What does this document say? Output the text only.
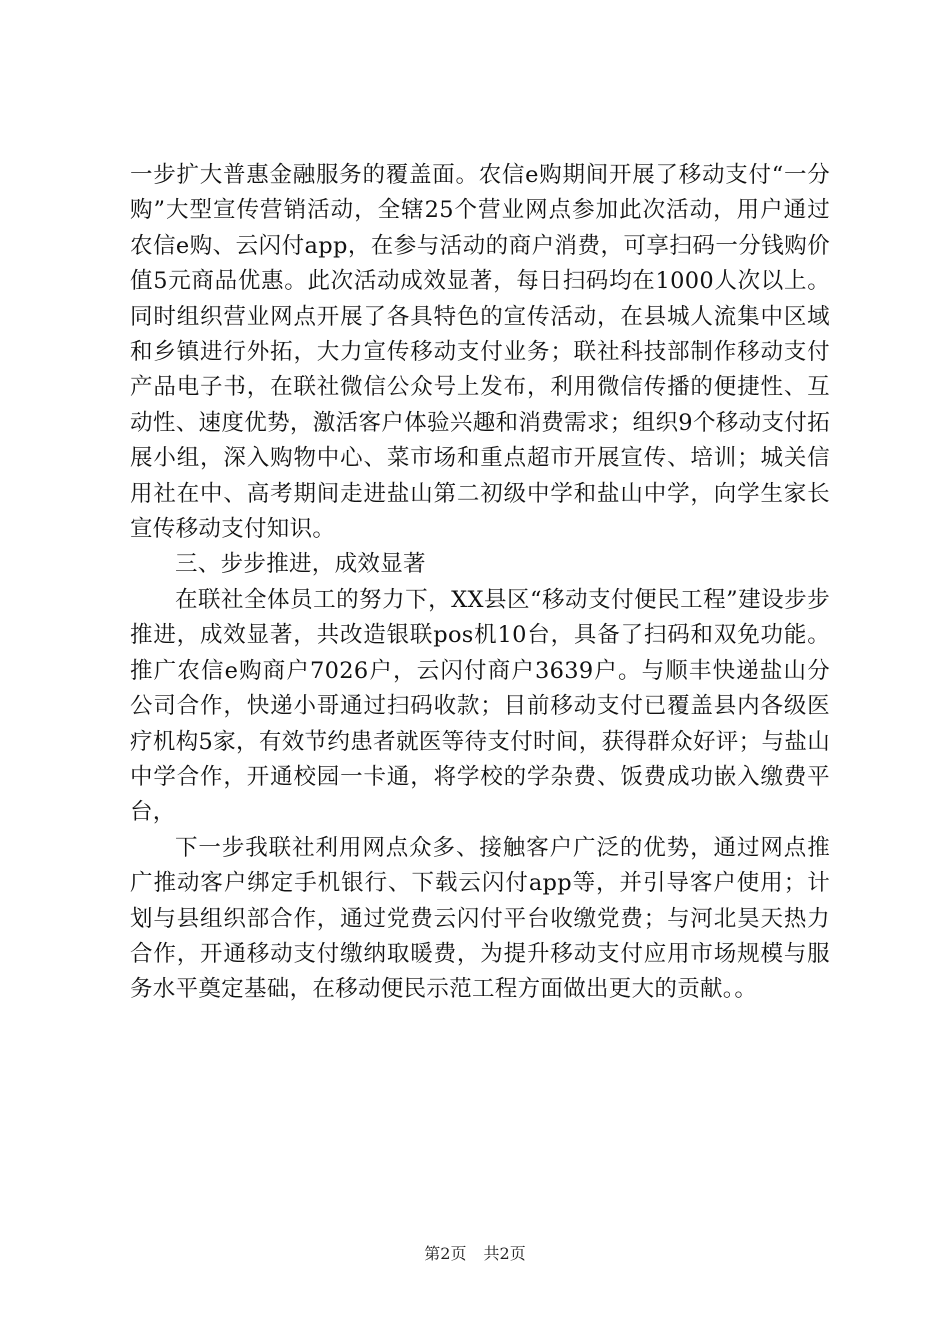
一步扩大普惠金融服务的覆盖面。农信e购期间开展了移动支付“一分购”大型宣传营销活动，全辖25个营业网点参加此次活动，用户通过农信e购、云闪付app，在参与活动的商户消费，可享扫码一分钱购价值5元商品优惠。此次活动成效显著，每日扫码均在1000人次以上。同时组织营业网点开展了各具特色的宣传活动，在县城人流集中区域和乡镇进行外拓，大力宣传移动支付业务；联社科技部制作移动支付产品电子书，在联社微信公众号上发布，利用微信传播的便捷性、互动性、速度优势，激活客户体验兴趣和消费需求；组织9个移动支付拓展小组，深入购物中心、菜市场和重点超市开展宣传、培训；城关信用社在中、高考期间走进盐山第二初级中学和盐山中学，向学生家长宣传移动支付知识。

三、步步推进，成效显著

在联社全体员工的努力下，XX县区“移动支付便民工程”建设步步推进，成效显著，共改造银联pos机10台，具备了扫码和双免功能。推广农信e购商户7026户，云闪付商户3639户。与顺丰快递盐山分公司合作，快递小哥通过扫码收款；目前移动支付已覆盖县内各级医疗机构5家，有效节约患者就医等待支付时间，获得群众好评；与盐山中学合作，开通校园一卡通，将学校的学杂费、饭费成功嵌入缴费平台，

下一步我联社利用网点众多、接触客户广泛的优势，通过网点推广推动客户绑定手机银行、下载云闪付app等，并引导客户使用；计划与县组织部合作，通过党费云闪付平台收缴党费；与河北昊天热力合作，开通移动支付缴纳取暖费，为提升移动支付应用市场规模与服务水平奠定基础，在移动便民示范工程方面做出更大的贡献。。

第2页 共2页
